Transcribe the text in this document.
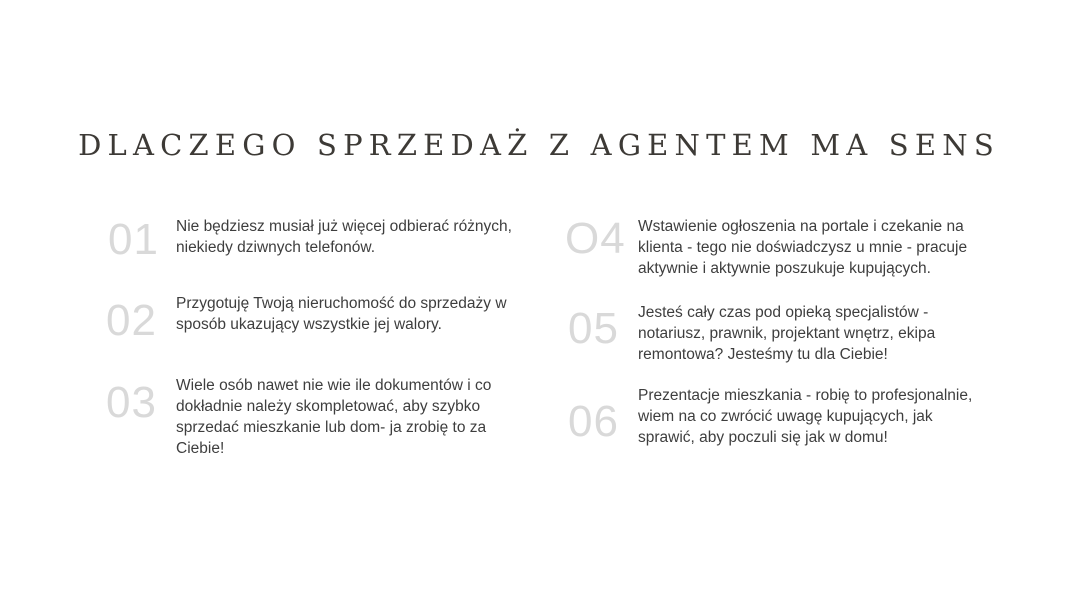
DLACZEGO SPRZEDAŻ Z AGENTEM MA SENS
01 Nie będziesz musiał już więcej odbierać różnych, niekiedy dziwnych telefonów.

02 Przygotuję Twoją nieruchomość do sprzedaży w sposób ukazujący wszystkie jej walory.

03 Wiele osób nawet nie wie ile dokumentów i co dokładnie należy skompletować, aby szybko sprzedać mieszkanie lub dom- ja zrobię to za Ciebie!

O4 Wstawienie ogłoszenia na portale i czekanie na klienta - tego nie doświadczysz u mnie - pracuje aktywnie i aktywnie poszukuje kupujących.

05 Jesteś cały czas pod opieką specjalistów - notariusz, prawnik, projektant wnętrz, ekipa remontowa? Jesteśmy tu dla Ciebie!

06

Prezentacje mieszkania - robię to profesjonalnie, wiem na co zwrócić uwagę kupujących, jak sprawić, aby poczuli się jak w domu!
